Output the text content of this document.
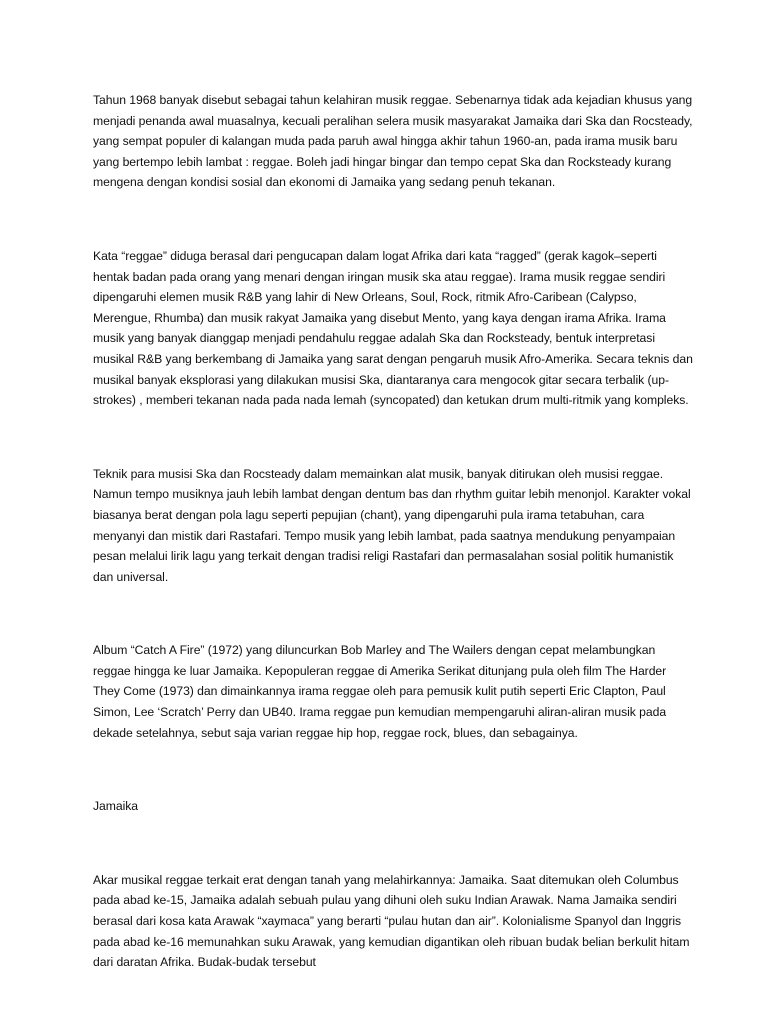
Tahun 1968 banyak disebut sebagai tahun kelahiran musik reggae. Sebenarnya tidak ada kejadian khusus yang menjadi penanda awal muasalnya, kecuali peralihan selera musik masyarakat Jamaika dari Ska dan Rocsteady, yang sempat populer di kalangan muda pada paruh awal hingga akhir tahun 1960-an, pada irama musik baru yang bertempo lebih lambat : reggae. Boleh jadi hingar bingar dan tempo cepat Ska dan Rocksteady kurang mengena dengan kondisi sosial dan ekonomi di Jamaika yang sedang penuh tekanan.

Kata “reggae” diduga berasal dari pengucapan dalam logat Afrika dari kata “ragged” (gerak kagok–seperti hentak badan pada orang yang menari dengan iringan musik ska atau reggae). Irama musik reggae sendiri dipengaruhi elemen musik R&B yang lahir di New Orleans, Soul, Rock, ritmik Afro-Caribean (Calypso, Merengue, Rhumba) dan musik rakyat Jamaika yang disebut Mento, yang kaya dengan irama Afrika. Irama musik yang banyak dianggap menjadi pendahulu reggae adalah Ska dan Rocksteady, bentuk interpretasi musikal R&B yang berkembang di Jamaika yang sarat dengan pengaruh musik Afro-Amerika. Secara teknis dan musikal banyak eksplorasi yang dilakukan musisi Ska, diantaranya cara mengocok gitar secara terbalik (up-strokes) , memberi tekanan nada pada nada lemah (syncopated) dan ketukan drum multi-ritmik yang kompleks.

Teknik para musisi Ska dan Rocsteady dalam memainkan alat musik, banyak ditirukan oleh musisi reggae. Namun tempo musiknya jauh lebih lambat dengan dentum bas dan rhythm guitar lebih menonjol. Karakter vokal biasanya berat dengan pola lagu seperti pepujian (chant), yang dipengaruhi pula irama tetabuhan, cara menyanyi dan mistik dari Rastafari. Tempo musik yang lebih lambat, pada saatnya mendukung penyampaian pesan melalui lirik lagu yang terkait dengan tradisi religi Rastafari dan permasalahan sosial politik humanistik dan universal.

Album “Catch A Fire” (1972) yang diluncurkan Bob Marley and The Wailers dengan cepat melambungkan reggae hingga ke luar Jamaika. Kepopuleran reggae di Amerika Serikat ditunjang pula oleh film The Harder They Come (1973) dan dimainkannya irama reggae oleh para pemusik kulit putih seperti Eric Clapton, Paul Simon, Lee ‘Scratch’ Perry dan UB40. Irama reggae pun kemudian mempengaruhi aliran-aliran musik pada dekade setelahnya, sebut saja varian reggae hip hop, reggae rock, blues, dan sebagainya.

Jamaika

Akar musikal reggae terkait erat dengan tanah yang melahirkannya: Jamaika. Saat ditemukan oleh Columbus pada abad ke-15, Jamaika adalah sebuah pulau yang dihuni oleh suku Indian Arawak. Nama Jamaika sendiri berasal dari kosa kata Arawak “xaymaca” yang berarti “pulau hutan dan air”. Kolonialisme Spanyol dan Inggris pada abad ke-16 memunahkan suku Arawak, yang kemudian digantikan oleh ribuan budak belian berkulit hitam dari daratan Afrika. Budak-budak tersebut
